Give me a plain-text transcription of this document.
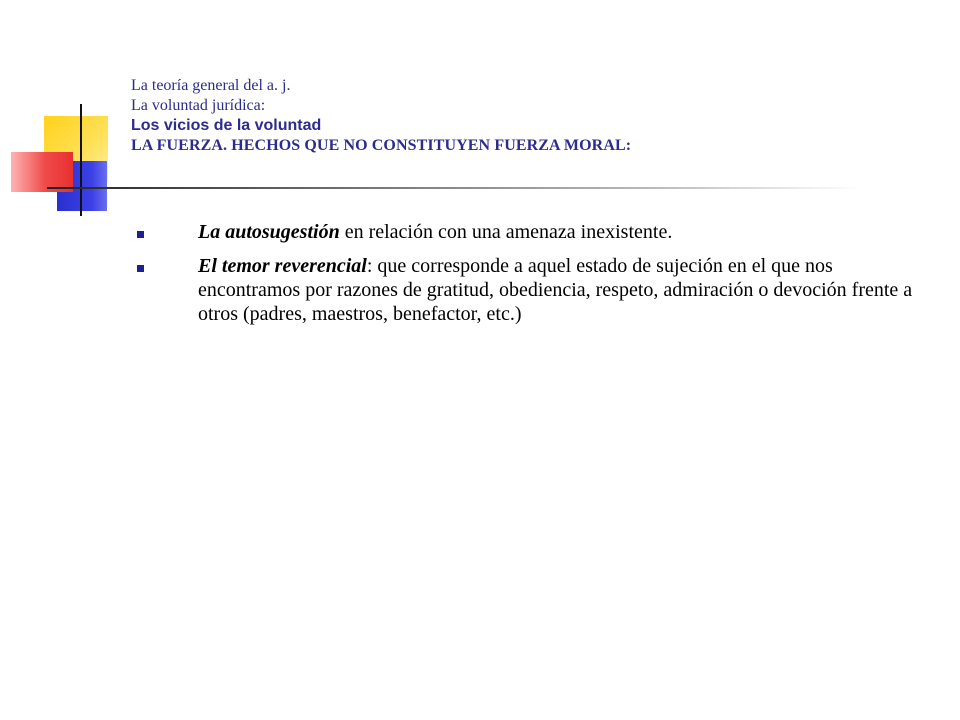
La teoría general del a. j.
La voluntad jurídica:
Los vicios de la voluntad
LA FUERZA. HECHOS QUE NO CONSTITUYEN FUERZA MORAL:
La autosugestión en relación con una amenaza inexistente.
El temor reverencial: que corresponde a aquel estado de sujeción en el que nos encontramos por razones de gratitud, obediencia, respeto, admiración o devoción frente a otros (padres, maestros, benefactor, etc.)
